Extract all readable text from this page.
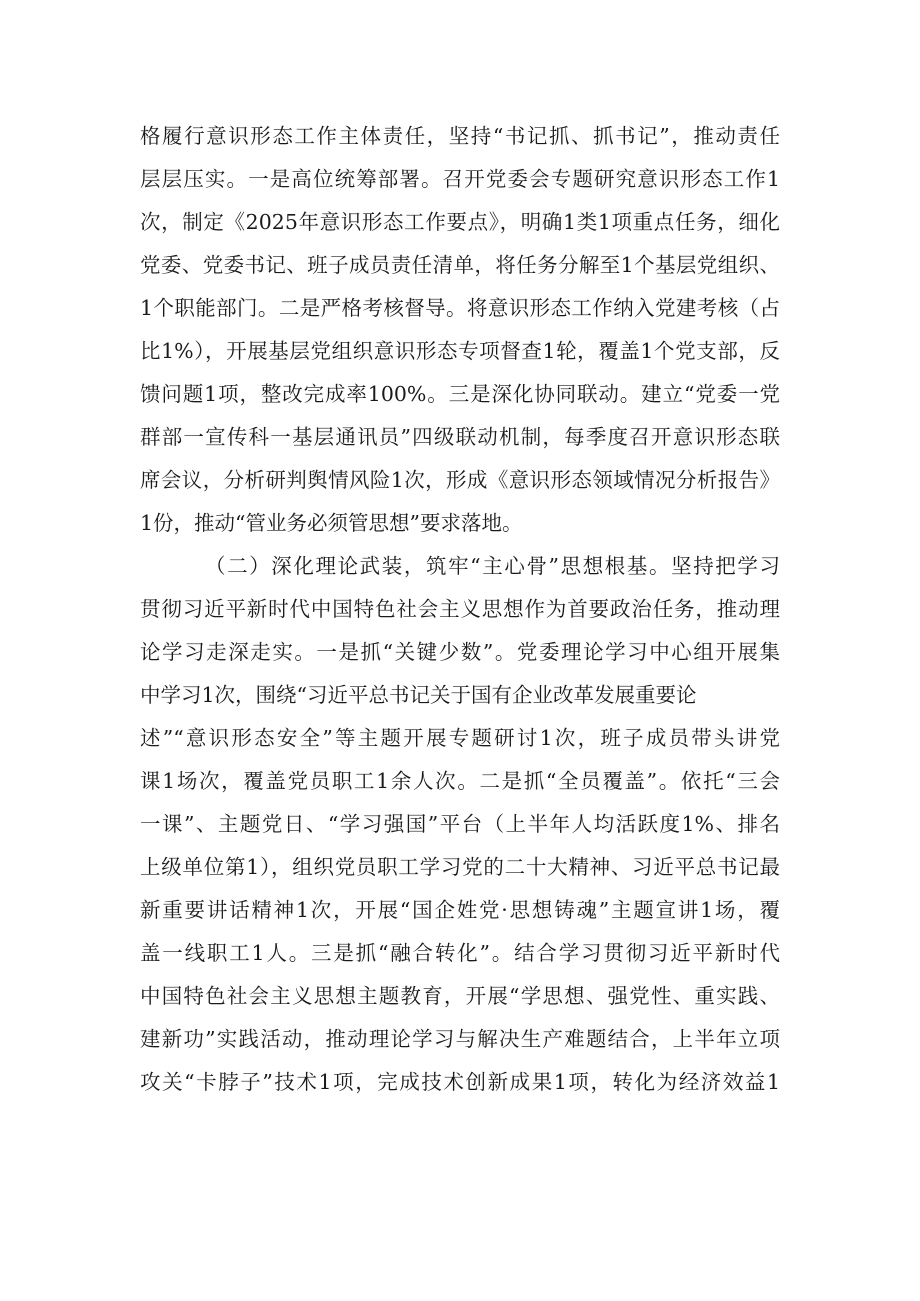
格履行意识形态工作主体责任，坚持“书记抓、抓书记”，推动责任

层层压实。一是高位统筹部署。召开党委会专题研究意识形态工作1

次，制定《2025年意识形态工作要点》，明确1类1项重点任务，细化

党委、党委书记、班子成员责任清单，将任务分解至1个基层党组织、

1个职能部门。二是严格考核督导。将意识形态工作纳入党建考核（占

比1%），开展基层党组织意识形态专项督查1轮，覆盖1个党支部，反

馈问题1项，整改完成率100%。三是深化协同联动。建立“党委一党

群部一宣传科一基层通讯员”四级联动机制，每季度召开意识形态联

席会议，分析研判舆情风险1次，形成《意识形态领域情况分析报告》

1份，推动“管业务必须管思想”要求落地。

（二）深化理论武装，筑牢“主心骨”思想根基。坚持把学习

贯彻习近平新时代中国特色社会主义思想作为首要政治任务，推动理

论学习走深走实。一是抓“关键少数”。党委理论学习中心组开展集

中学习1次，围绕“习近平总书记关于国有企业改革发展重要论

述”“意识形态安全”等主题开展专题研讨1次，班子成员带头讲党

课1场次，覆盖党员职工1余人次。二是抓“全员覆盖”。依托“三会

一课”、主题党日、“学习强国”平台（上半年人均活跃度1%、排名

上级单位第1），组织党员职工学习党的二十大精神、习近平总书记最

新重要讲话精神1次，开展“国企姓党·思想铸魂”主题宣讲1场，覆

盖一线职工1人。三是抓“融合转化”。结合学习贯彻习近平新时代

中国特色社会主义思想主题教育，开展“学思想、强党性、重实践、

建新功”实践活动，推动理论学习与解决生产难题结合，上半年立项

攻关“卡脖子”技术1项，完成技术创新成果1项，转化为经济效益1
